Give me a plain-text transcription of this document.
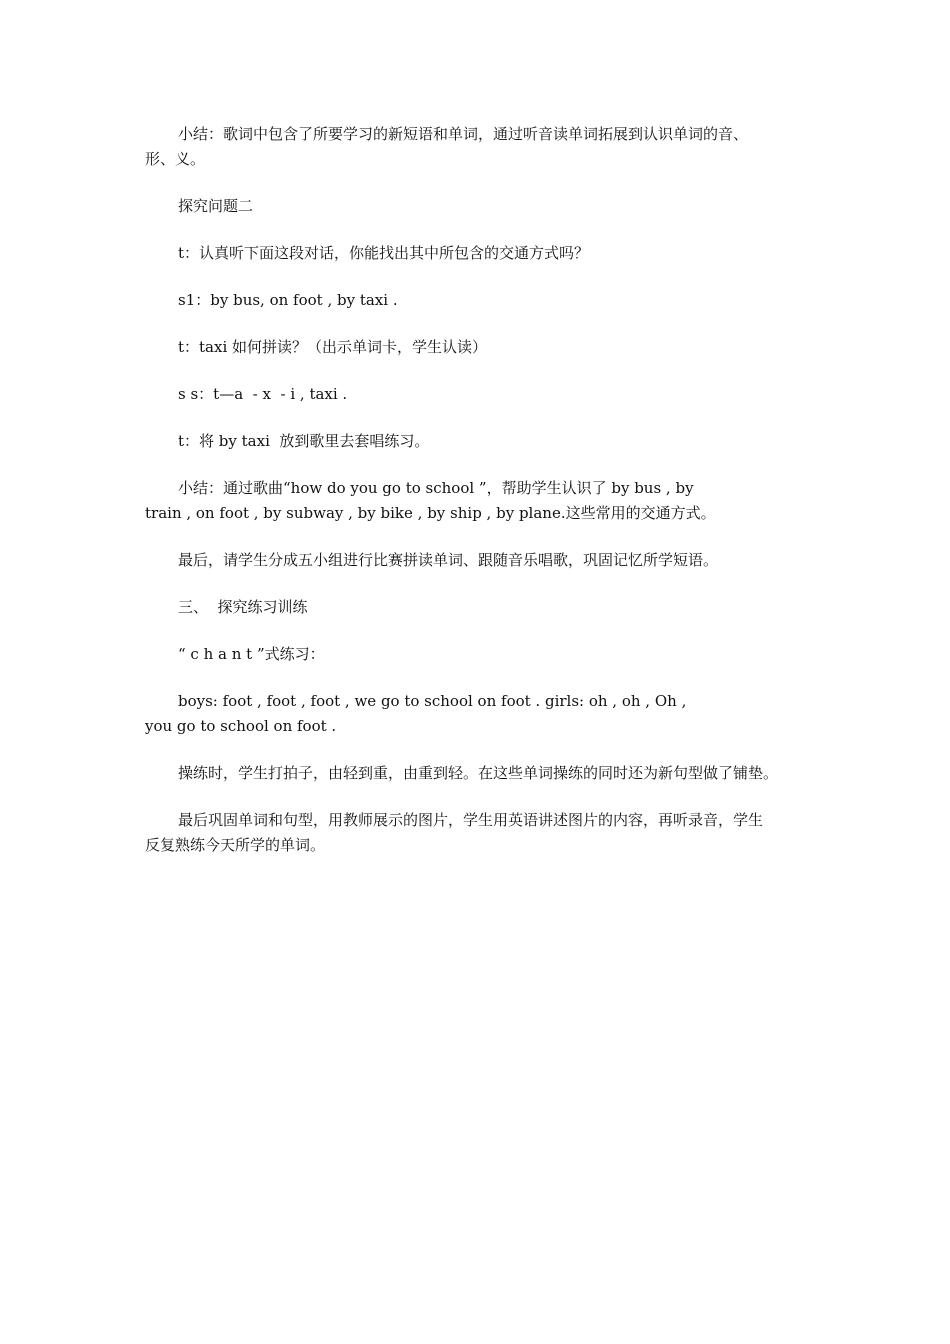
小结：歌词中包含了所要学习的新短语和单词，通过听音读单词拓展到认识单词的音、
形、义。

探究问题二

t：认真听下面这段对话，你能找出其中所包含的交通方式吗？

s1：by bus, on foot , by taxi .

t：taxi 如何拼读？（出示单词卡，学生认读）

s s：t—a  - x  - i , taxi .

t：将 by taxi  放到歌里去套唱练习。

小结：通过歌曲“how do you go to school ”，帮助学生认识了 by bus , by
train , on foot , by subway , by bike , by ship , by plane.这些常用的交通方式。

最后，请学生分成五小组进行比赛拼读单词、跟随音乐唱歌，巩固记忆所学短语。

三、  探究练习训练

“ c h a n t ”式练习：

boys: foot , foot , foot , we go to school on foot . girls: oh , oh , Oh ,
you go to school on foot .

操练时，学生打拍子，由轻到重，由重到轻。在这些单词操练的同时还为新句型做了铺垫。

最后巩固单词和句型，用教师展示的图片，学生用英语讲述图片的内容，再听录音，学生
反复熟练今天所学的单词。
